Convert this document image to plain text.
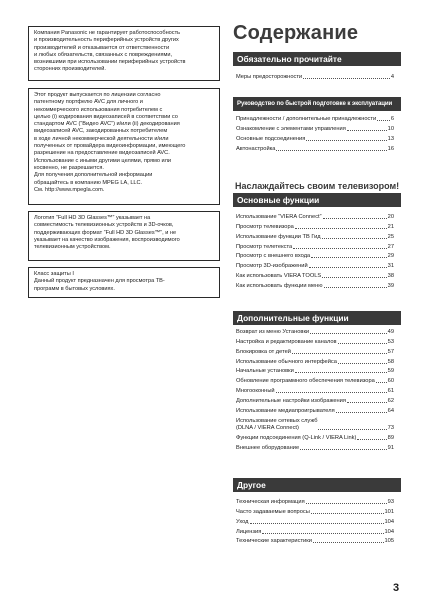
Компания Panasonic не гарантирует работоспособность
и производительность периферийных устройств других
производителей и отказывается от ответственности
и любых обязательств, связанных с повреждениями,
возникшими при использовании периферийных устройств
сторонних производителей.
Этот продукт выпускается по лицензии согласно
патентному портфелю AVC для личного и
некоммерческого использования потребителем с
целью (i) кодирования видеозаписей в соответствии со
стандартом AVC (“Видео AVC”) и/или (ii) декодирования
видеозаписей AVC, закодированных потребителем
в ходе личной некоммерческой деятельности и/или
полученных от провайдера видеоинформации, имеющего
разрешение на предоставление видеозаписей AVC.
Использование с иными другими целями, прямо или
косвенно, не разрешается.
Для получения дополнительной информации
обращайтесь в компанию MPEG LA, LLC.
См. http://www.mpegla.com.
Логотип “Full HD 3D Glasses™” указывает на
совместимость телевизионных устройств и 3D-очков,
поддерживающих формат “Full HD 3D Glasses™”, и не
указывает на качество изображения, воспроизводимого
телевизионным устройством.
Класс защиты I
Данный продукт предназначен для просмотра ТВ-
программ в бытовых условиях.
Содержание
Обязательно прочитайте
Меры предосторожности	4
Руководство по быстрой подготовке к эксплуатации
Принадлежности / дополнительные принадлежности	6
Ознакомление с элементами управления	10
Основные подсоединения	13
Автонастройка	16
Наслаждайтесь своим телевизором!
Основные функции
Использование “VIERA Connect”	20
Просмотр телевизора	21
Использование функции ТВ Гид	25
Просмотр телетекста	27
Просмотр с внешнего входа	29
Просмотр 3D-изображений	31
Как использовать VIERA TOOLS	38
Как использовать функции меню	39
Дополнительные функции
Возврат из меню Установки	49
Настройка и редактирование каналов	53
Блокировка от детей	57
Использование обычного интерфейса	58
Начальные установки	59
Обновление программного обеспечения телевизора 60
Многооконный	61
Дополнительные настройки изображения	62
Использование медиапроигрывателя	64
Использование сетевых служб
(DLNA / VIERA Connect)	73
Функции подсоединения (Q-Link / VIERA Link)	89
Внешнее оборудование	91
Другое
Техническая информация	93
Часто задаваемые вопросы	101
Уход	104
Лицензия	104
Технические характеристики	105
3
